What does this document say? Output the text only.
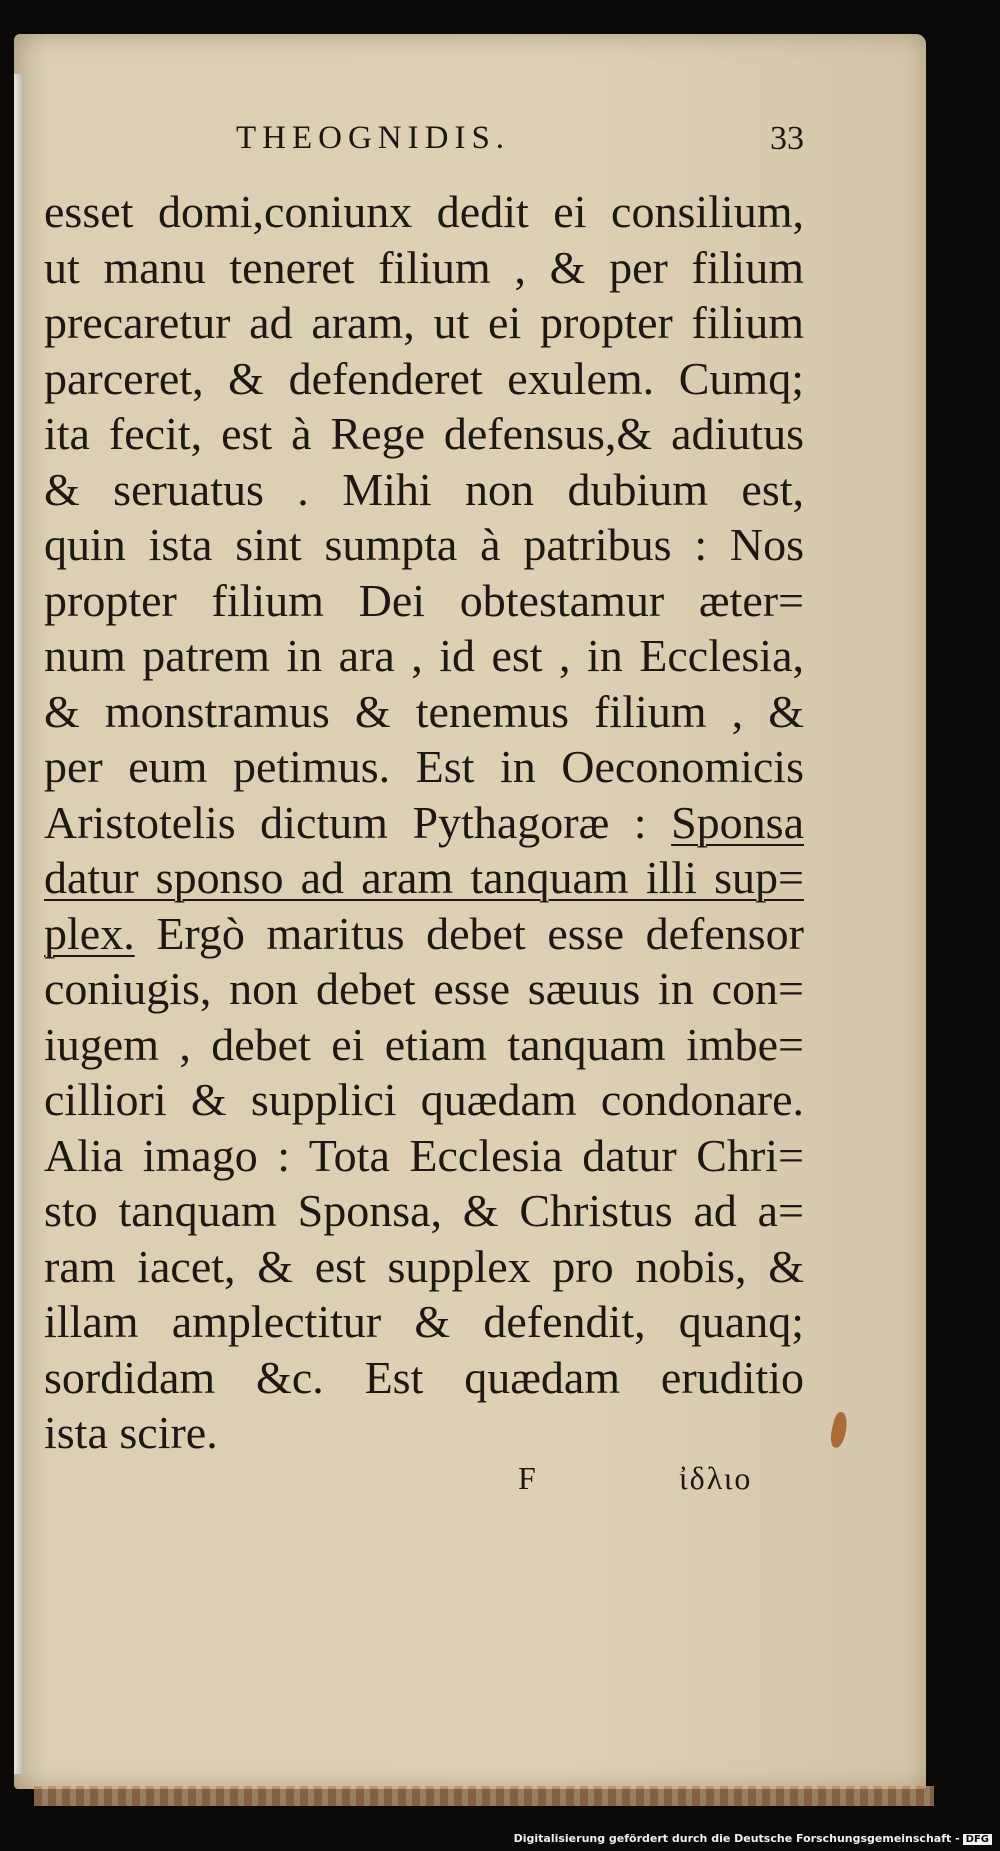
THEOGNIDIS.	33
esset domi,coniunx dedit ei consilium,
ut manu teneret filium , & per filium
precaretur ad aram, ut ei propter filium
parceret, & defenderet exulem. Cumq;
ita fecit, est à Rege defensus,& adiutus
& seruatus . Mihi non dubium est,
quin ista sint sumpta à patribus : Nos
propter filium Dei obtestamur æter=
num patrem in ara , id est , in Ecclesia,
& monstramus & tenemus filium , &
per eum petimus. Est in Oeconomicis
Aristotelis dictum Pythagoræ : Sponsa
datur sponso ad aram tanquam illi sup=
plex. Ergò maritus debet esse defensor
coniugis, non debet esse sæuus in con=
iugem , debet ei etiam tanquam imbe=
cilliori & supplici quædam condonare.
Alia imago : Tota Ecclesia datur Chri=
sto tanquam Sponsa, & Christus ad a=
ram iacet, & est supplex pro nobis, &
illam amplectitur & defendit, quanq;
sordidam &c. Est quædam eruditio
ista scire.
F	ἰδλιο
Digitalisierung gefördert durch die Deutsche Forschungsgemeinschaft - DFG
